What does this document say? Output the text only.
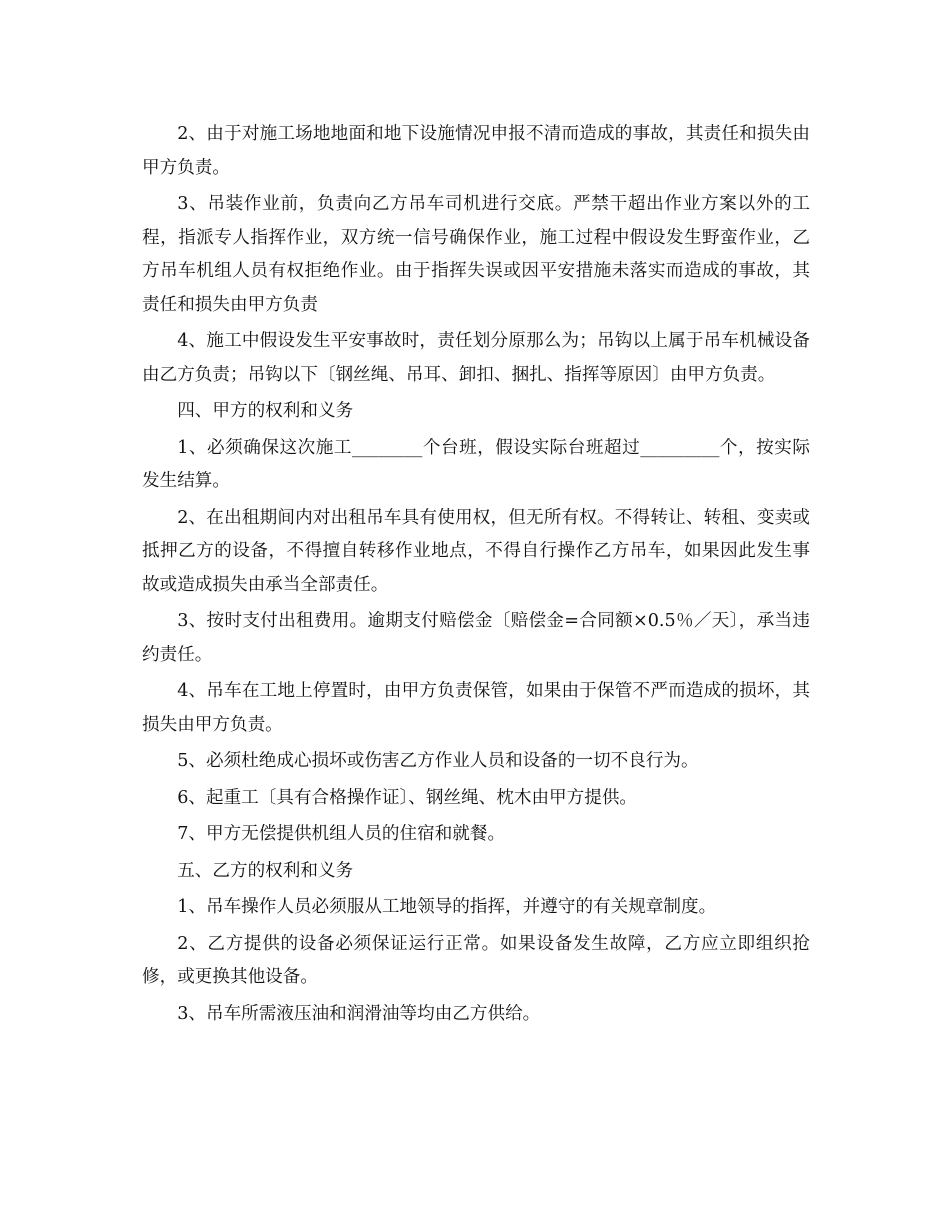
2、由于对施工场地地面和地下设施情况申报不清而造成的事故，其责任和损失由甲方负责。

3、吊装作业前，负责向乙方吊车司机进行交底。严禁干超出作业方案以外的工程，指派专人指挥作业，双方统一信号确保作业，施工过程中假设发生野蛮作业，乙方吊车机组人员有权拒绝作业。由于指挥失误或因平安措施未落实而造成的事故，其责任和损失由甲方负责

4、施工中假设发生平安事故时，责任划分原那么为；吊钩以上属于吊车机械设备由乙方负责；吊钩以下〔钢丝绳、吊耳、卸扣、捆扎、指挥等原因〕由甲方负责。

四、甲方的权利和义务

1、必须确保这次施工________个台班，假设实际台班超过_________个，按实际发生结算。

2、在出租期间内对出租吊车具有使用权，但无所有权。不得转让、转租、变卖或抵押乙方的设备，不得擅自转移作业地点，不得自行操作乙方吊车，如果因此发生事故或造成损失由承当全部责任。

3、按时支付出租费用。逾期支付赔偿金〔赔偿金=合同额×0.5％／天〕，承当违约责任。

4、吊车在工地上停置时，由甲方负责保管，如果由于保管不严而造成的损坏，其损失由甲方负责。

5、必须杜绝成心损坏或伤害乙方作业人员和设备的一切不良行为。

6、起重工〔具有合格操作证〕、钢丝绳、枕木由甲方提供。

7、甲方无偿提供机组人员的住宿和就餐。

五、乙方的权利和义务

1、吊车操作人员必须服从工地领导的指挥，并遵守的有关规章制度。

2、乙方提供的设备必须保证运行正常。如果设备发生故障，乙方应立即组织抢修，或更换其他设备。

3、吊车所需液压油和润滑油等均由乙方供给。
